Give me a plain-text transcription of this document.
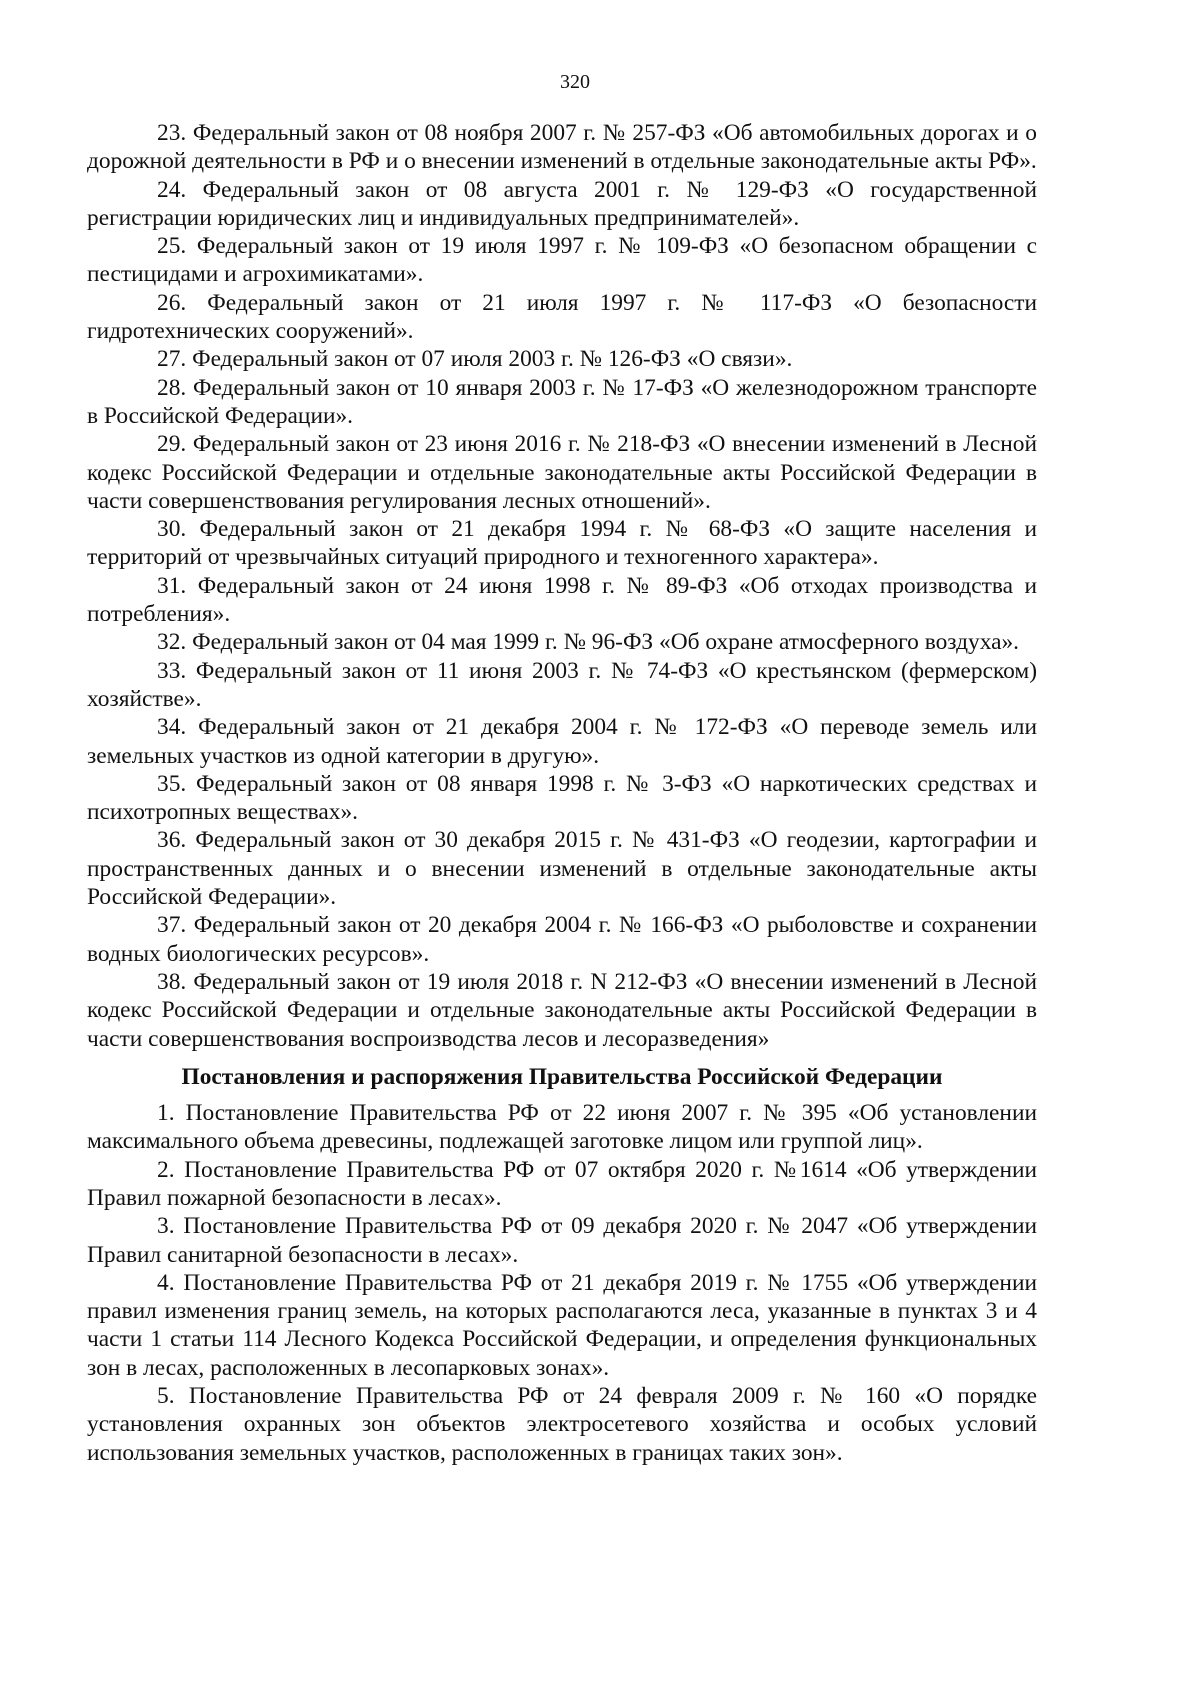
320

23. Федеральный закон от 08 ноября 2007 г. № 257-ФЗ «Об автомобильных дорогах и о дорожной деятельности в РФ и о внесении изменений в отдельные законодательные акты РФ».

24. Федеральный закон от 08 августа 2001 г. № 129-ФЗ «О государственной регистрации юридических лиц и индивидуальных предпринимателей».

25. Федеральный закон от 19 июля 1997 г. № 109-ФЗ «О безопасном обращении с пестицидами и агрохимикатами».

26. Федеральный закон от 21 июля 1997 г. № 117-ФЗ «О безопасности гидротехнических сооружений».

27. Федеральный закон от 07 июля 2003 г. № 126-ФЗ «О связи».

28. Федеральный закон от 10 января 2003 г. № 17-ФЗ «О железнодорожном транспорте в Российской Федерации».

29. Федеральный закон от 23 июня 2016 г. № 218-ФЗ «О внесении изменений в Лесной кодекс Российской Федерации и отдельные законодательные акты Российской Федерации в части совершенствования регулирования лесных отношений».

30. Федеральный закон от 21 декабря 1994 г. № 68-ФЗ «О защите населения и территорий от чрезвычайных ситуаций природного и техногенного характера».

31. Федеральный закон от 24 июня 1998 г. № 89-ФЗ «Об отходах производства и потребления».

32. Федеральный закон от 04 мая 1999 г. № 96-ФЗ «Об охране атмосферного воздуха».

33. Федеральный закон от 11 июня 2003 г. № 74-ФЗ «О крестьянском (фермерском) хозяйстве».

34. Федеральный закон от 21 декабря 2004 г. № 172-ФЗ «О переводе земель или земельных участков из одной категории в другую».

35. Федеральный закон от 08 января 1998 г. № 3-ФЗ «О наркотических средствах и психотропных веществах».

36. Федеральный закон от 30 декабря 2015 г. № 431-ФЗ «О геодезии, картографии и пространственных данных и о внесении изменений в отдельные законодательные акты Российской Федерации».

37. Федеральный закон от 20 декабря 2004 г. № 166-ФЗ «О рыболовстве и сохранении водных биологических ресурсов».

38. Федеральный закон от 19 июля 2018 г. N 212-ФЗ «О внесении изменений в Лесной кодекс Российской Федерации и отдельные законодательные акты Российской Федерации в части совершенствования воспроизводства лесов и лесоразведения»

Постановления и распоряжения Правительства Российской Федерации

1. Постановление Правительства РФ от 22 июня 2007 г. № 395 «Об установлении максимального объема древесины, подлежащей заготовке лицом или группой лиц».

2. Постановление Правительства РФ от 07 октября 2020 г. №1614 «Об утверждении Правил пожарной безопасности в лесах».

3. Постановление Правительства РФ от 09 декабря 2020 г. № 2047 «Об утверждении Правил санитарной безопасности в лесах».

4. Постановление Правительства РФ от 21 декабря 2019 г. № 1755 «Об утверждении правил изменения границ земель, на которых располагаются леса, указанные в пунктах 3 и 4 части 1 статьи 114 Лесного Кодекса Российской Федерации, и определения функциональных зон в лесах, расположенных в лесопарковых зонах».

5. Постановление Правительства РФ от 24 февраля 2009 г. № 160 «О порядке установления охранных зон объектов электросетевого хозяйства и особых условий использования земельных участков, расположенных в границах таких зон».
